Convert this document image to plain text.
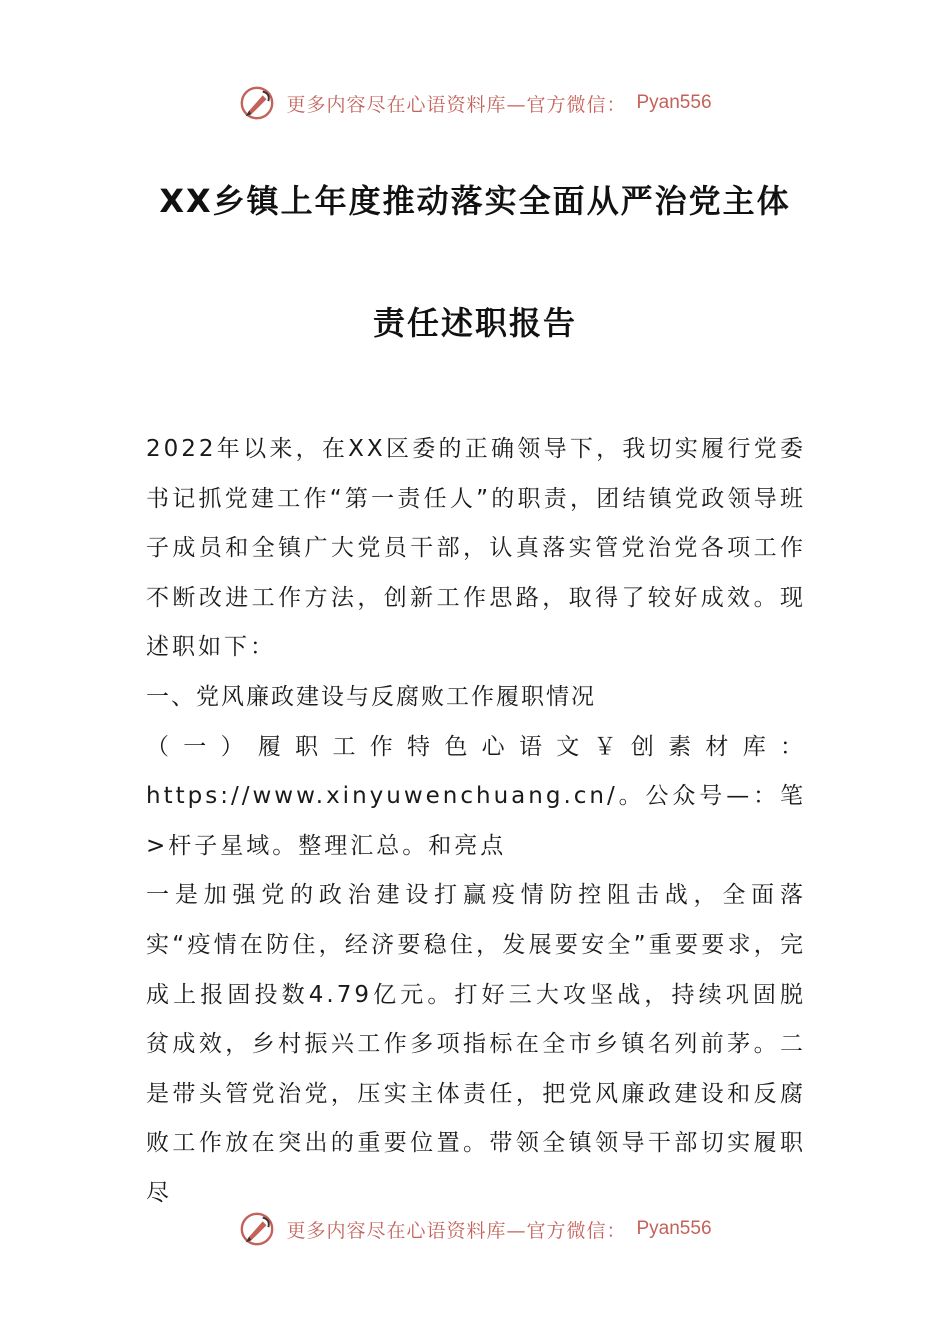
更多内容尽在心语资料库—官方微信： Pyan556
XX乡镇上年度推动落实全面从严治党主体
责任述职报告

2022年以来，在XX区委的正确领导下，我切实履行党委书记抓党建工作“第一责任人”的职责，团结镇党政领导班子成员和全镇广大党员干部，认真落实管党治党各项工作不断改进工作方法，创新工作思路，取得了较好成效。现述职如下：

一、党风廉政建设与反腐败工作履职情况

（一）履职工作特色心语文￥创素材库：https://www.xinyuwenchuang.cn/。公众号—：笔>杆子星域。整理汇总。和亮点

一是加强党的政治建设打赢疫情防控阻击战，全面落实“疫情在防住，经济要稳住，发展要安全”重要要求，完成上报固投数4.79亿元。打好三大攻坚战，持续巩固脱贫成效，乡村振兴工作多项指标在全市乡镇名列前茅。二是带头管党治党，压实主体责任，把党风廉政建设和反腐败工作放在突出的重要位置。带领全镇领导干部切实履职尽

更多内容尽在心语资料库—官方微信： Pyan556
